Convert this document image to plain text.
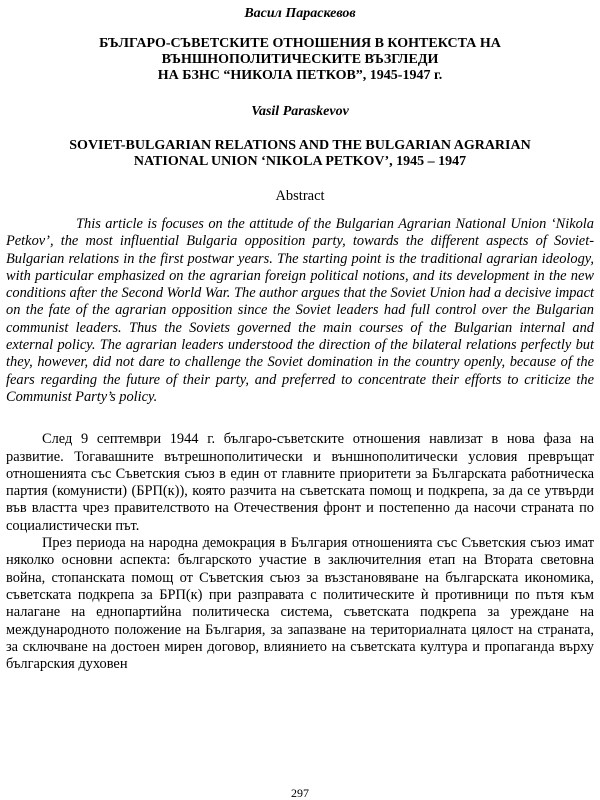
Васил Параскевов

БЪЛГАРО-СЪВЕТСКИТЕ ОТНОШЕНИЯ В КОНТЕКСТА НА
ВЪНШНОПОЛИТИЧЕСКИТЕ ВЪЗГЛЕДИ
НА БЗНС “НИКОЛА ПЕТКОВ”, 1945-1947 г.

Vasil Paraskevov

SOVIET-BULGARIAN RELATIONS AND THE BULGARIAN AGRARIAN
NATIONAL UNION ‘NIKOLA PETKOV’, 1945 – 1947

Abstract

This article is focuses on the attitude of the Bulgarian Agrarian National Union ‘Nikola Petkov’, the most influential Bulgaria opposition party, towards the different aspects of Soviet-Bulgarian relations in the first postwar years. The starting point is the traditional agrarian ideology, with particular emphasized on the agrarian foreign political notions, and its development in the new conditions after the Second World War. The author argues that the Soviet Union had a decisive impact on the fate of the agrarian opposition since the Soviet leaders had full control over the Bulgarian communist leaders. Thus the Soviets governed the main courses of the Bulgarian internal and external policy. The agrarian leaders understood the direction of the bilateral relations perfectly but they, however, did not dare to challenge the Soviet domination in the country openly, because of the fears regarding the future of their party, and preferred to concentrate their efforts to criticize the Communist Party’s policy.

След 9 септември 1944 г. българо-съветските отношения навлизат в нова фаза на развитие. Тогавашните вътрешнополитически и външнополитически условия превръщат отношенията със Съветския съюз в един от главните приоритети за Българската работническа партия (комунисти) (БРП(к)), която разчита на съветската помощ и подкрепа, за да се утвърди във властта чрез правителството на Отечествения фронт и постепенно да насочи страната по социалистически път.

През периода на народна демокрация в България отношенията със Съветския съюз имат няколко основни аспекта: българското участие в заключителния етап на Втората световна война, стопанската помощ от Съветския съюз за възстановяване на българската икономика, съветската подкрепа за БРП(к) при разправата с политическите ѝ противници по пътя към налагане на еднопартийна политическа система, съветската подкрепа за уреждане на международното положение на България, за запазване на териториалната цялост на страната, за сключване на достоен мирен договор, влиянието на съветската култура и пропаганда върху българския духовен

297
